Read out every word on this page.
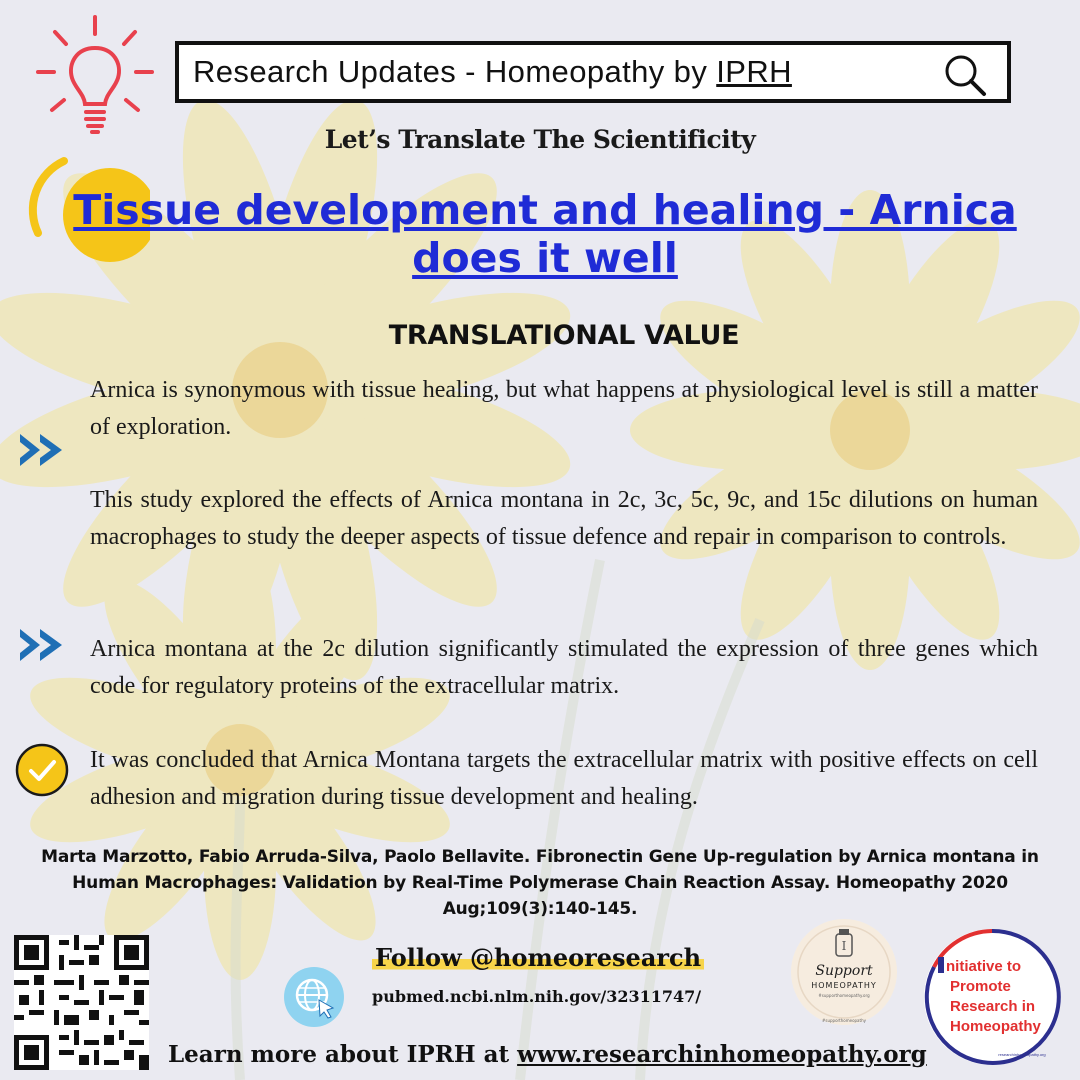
Research Updates - Homeopathy by IPRH
Let’s Translate The Scientificity
Tissue development and healing - Arnica
does it well
TRANSLATIONAL VALUE
Arnica is synonymous with tissue healing, but what happens at physiological level is still a matter of exploration.
This study explored the effects of Arnica montana in 2c, 3c, 5c, 9c, and 15c dilutions on human macrophages to study the deeper aspects of tissue defence and repair in comparison to controls.
Arnica montana at the 2c dilution significantly stimulated the expression of three genes which code for regulatory proteins of the extracellular matrix.
It was concluded that Arnica Montana targets the extracellular matrix with positive effects on cell adhesion and migration during tissue development and healing.
Marta Marzotto, Fabio Arruda-Silva, Paolo Bellavite. Fibronectin Gene Up-regulation by Arnica montana in
Human Macrophages: Validation by Real-Time Polymerase Chain Reaction Assay. Homeopathy 2020
Aug;109(3):140-145.
Follow @homeoresearch
pubmed.ncbi.nlm.nih.gov/32311747/
I
Support
HOMEOPATHY
#supporthomeopathy.org
#supporthomeopathy
nitiative to
Promote
Research in
Homeopathy
researchinhomeopathy.org
Learn more about IPRH at www.researchinhomeopathy.org
